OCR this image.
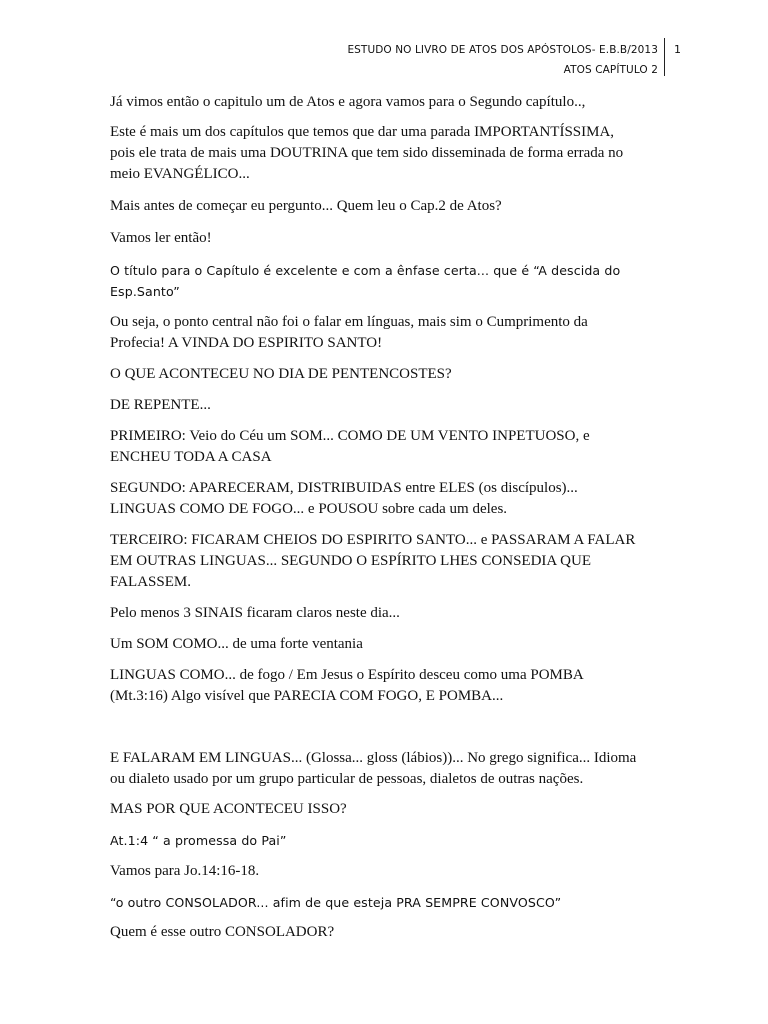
ESTUDO NO LIVRO DE ATOS DOS APÓSTOLOS- E.B.B/2013
ATOS CAPÍTULO 2
1

Já vimos então o capitulo um de Atos e agora vamos para o Segundo capítulo..,

Este é mais um dos capítulos que temos que dar uma parada IMPORTANTÍSSIMA,
pois ele trata de mais uma DOUTRINA que tem sido disseminada de forma errada no
meio EVANGÉLICO...

Mais antes de começar eu pergunto... Quem leu o Cap.2 de Atos?

Vamos ler então!

O título para o Capítulo é excelente e com a ênfase certa... que é “A descida do
Esp.Santo”

Ou seja, o ponto central não foi o falar em línguas, mais sim o Cumprimento da
Profecia! A VINDA DO ESPIRITO SANTO!

O QUE ACONTECEU NO DIA DE PENTENCOSTES?

DE REPENTE...

PRIMEIRO: Veio do Céu um SOM... COMO DE UM VENTO INPETUOSO, e
ENCHEU TODA A CASA

SEGUNDO: APARECERAM, DISTRIBUIDAS entre ELES (os discípulos)...
LINGUAS COMO DE FOGO... e POUSOU sobre cada um deles.

TERCEIRO: FICARAM CHEIOS DO ESPIRITO SANTO... e PASSARAM A FALAR
EM OUTRAS LINGUAS... SEGUNDO O ESPÍRITO LHES CONSEDIA QUE
FALASSEM.

Pelo menos 3 SINAIS ficaram claros neste dia...

Um SOM COMO... de uma forte ventania

LINGUAS COMO... de fogo / Em Jesus o Espírito desceu como uma POMBA
(Mt.3:16) Algo visível que PARECIA COM FOGO, E POMBA...

E FALARAM EM LINGUAS... (Glossa... gloss (lábios))... No grego significa... Idioma
ou dialeto usado por um grupo particular de pessoas, dialetos de outras nações.

MAS POR QUE ACONTECEU ISSO?

At.1:4 “ a promessa do Pai”

Vamos para Jo.14:16-18.

“o outro CONSOLADOR... afim de que esteja PRA SEMPRE CONVOSCO”

Quem é esse outro CONSOLADOR?
